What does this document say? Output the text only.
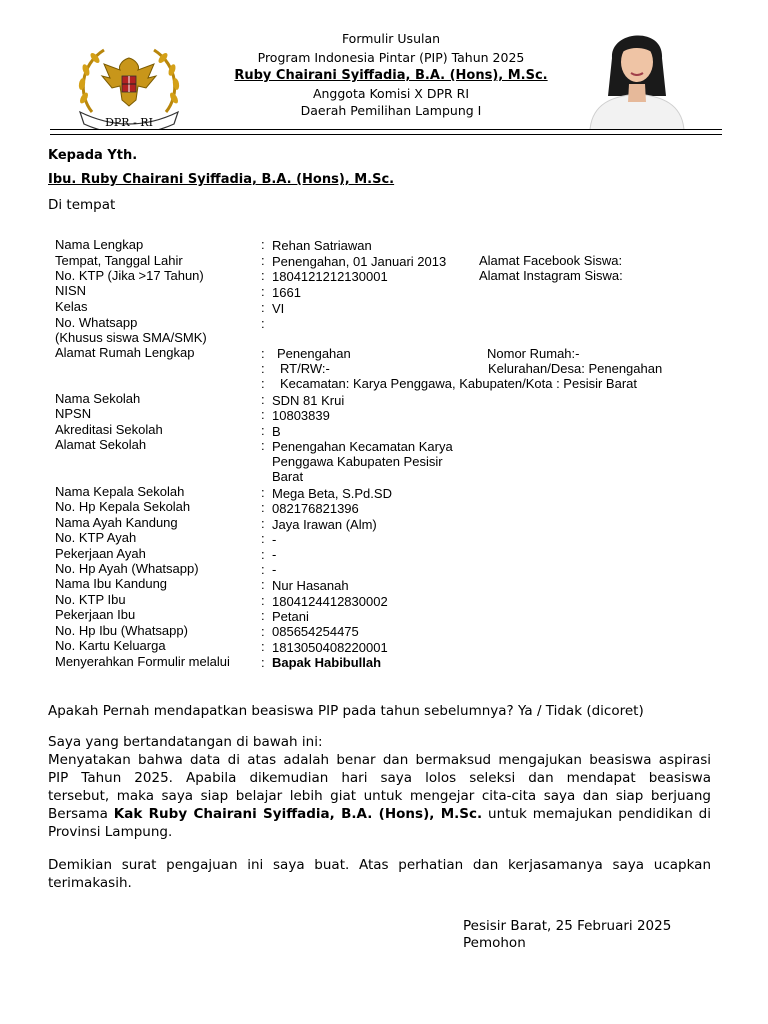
DPR - RI
Formulir Usulan
Program Indonesia Pintar (PIP) Tahun 2025
Ruby Chairani Syiffadia, B.A. (Hons), M.Sc.
Anggota Komisi X DPR RI
Daerah Pemilihan Lampung I
Kepada Yth.
Ibu. Ruby Chairani Syiffadia, B.A. (Hons), M.Sc.
Di tempat
Nama Lengkap	: Rehan Satriawan
Tempat, Tanggal Lahir	: Penengahan, 01 Januari 2013	Alamat Facebook Siswa:
No. KTP (Jika >17 Tahun)	: 1804121212130001	Alamat Instagram Siswa:
NISN	: 1661
Kelas	: VI
No. Whatsapp	:
(Khusus siswa SMA/SMK)
Alamat Rumah Lengkap	: Penengahan	Nomor Rumah:-
: RT/RW:-	Kelurahan/Desa: Penengahan
: Kecamatan: Karya Penggawa, Kabupaten/Kota : Pesisir Barat
Nama Sekolah	: SDN 81 Krui
NPSN	: 10803839
Akreditasi Sekolah	: B
Alamat Sekolah	: Penengahan Kecamatan Karya
Penggawa Kabupaten Pesisir
Barat
Nama Kepala Sekolah	: Mega Beta, S.Pd.SD
No. Hp Kepala Sekolah	: 082176821396
Nama Ayah Kandung	: Jaya Irawan (Alm)
No. KTP Ayah	: -
Pekerjaan Ayah	: -
No. Hp Ayah (Whatsapp)	: -
Nama Ibu Kandung	: Nur Hasanah
No. KTP Ibu	: 1804124412830002
Pekerjaan Ibu	: Petani
No. Hp Ibu (Whatsapp)	: 085654254475
No. Kartu Keluarga	: 1813050408220001
Menyerahkan Formulir melalui : Bapak Habibullah
Apakah Pernah mendapatkan beasiswa PIP pada tahun sebelumnya? Ya / Tidak (dicoret)
Saya yang bertandatangan di bawah ini:
Menyatakan bahwa data di atas adalah benar dan bermaksud mengajukan beasiswa aspirasi
PIP Tahun 2025. Apabila dikemudian hari saya lolos seleksi dan mendapat beasiswa
tersebut, maka saya siap belajar lebih giat untuk mengejar cita-cita saya dan siap berjuang
Bersama Kak Ruby Chairani Syiffadia, B.A. (Hons), M.Sc. untuk memajukan pendidikan di
Provinsi Lampung.
Demikian surat pengajuan ini saya buat. Atas perhatian dan kerjasamanya saya ucapkan
terimakasih.
Pesisir Barat, 25 Februari 2025
Pemohon
